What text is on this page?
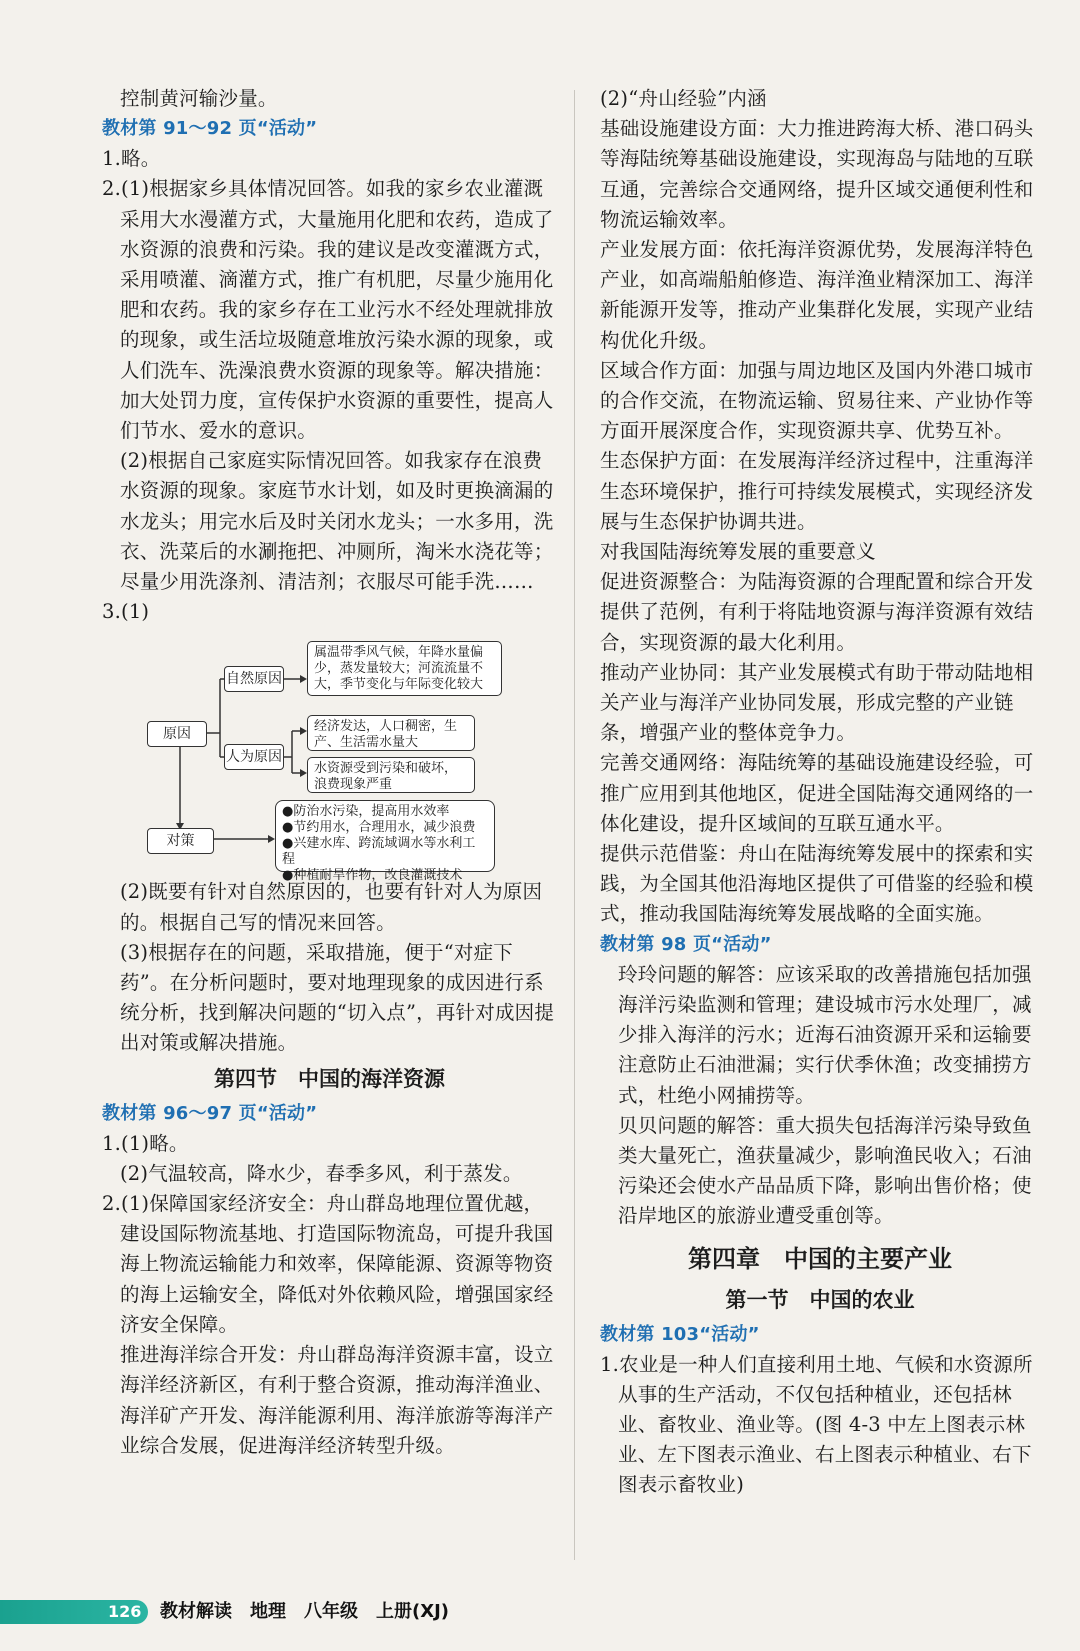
控制黄河输沙量。

教材第 91～92 页“活动”

1.略。

2.(1)根据家乡具体情况回答。如我的家乡农业灌溉采用大水漫灌方式，大量施用化肥和农药，造成了水资源的浪费和污染。我的建议是改变灌溉方式，采用喷灌、滴灌方式，推广有机肥，尽量少施用化肥和农药。我的家乡存在工业污水不经处理就排放的现象，或生活垃圾随意堆放污染水源的现象，或人们洗车、洗澡浪费水资源的现象等。解决措施：加大处罚力度，宣传保护水资源的重要性，提高人们节水、爱水的意识。

(2)根据自己家庭实际情况回答。如我家存在浪费水资源的现象。家庭节水计划，如及时更换滴漏的水龙头；用完水后及时关闭水龙头；一水多用，洗衣、洗菜后的水涮拖把、冲厕所，淘米水浇花等；尽量少用洗涤剂、清洁剂；衣服尽可能手洗……

3.(1)

原因
自然原因
人为原因
对策
属温带季风气候，年降水量偏少，蒸发量较大；河流流量不大，季节变化与年际变化较大
经济发达，人口稠密，生产、生活需水量大
水资源受到污染和破坏，浪费现象严重
●防治水污染，提高用水效率
●节约用水，合理用水，减少浪费
●兴建水库、跨流域调水等水利工程
●种植耐旱作物，改良灌溉技术

(2)既要有针对自然原因的，也要有针对人为原因的。根据自己写的情况来回答。

(3)根据存在的问题，采取措施，便于“对症下药”。在分析问题时，要对地理现象的成因进行系统分析，找到解决问题的“切入点”，再针对成因提出对策或解决措施。

第四节　中国的海洋资源

教材第 96～97 页“活动”

1.(1)略。

(2)气温较高，降水少，春季多风，利于蒸发。

2.(1)保障国家经济安全：舟山群岛地理位置优越，建设国际物流基地、打造国际物流岛，可提升我国海上物流运输能力和效率，保障能源、资源等物资的海上运输安全，降低对外依赖风险，增强国家经济安全保障。

推进海洋综合开发：舟山群岛海洋资源丰富，设立海洋经济新区，有利于整合资源，推动海洋渔业、海洋矿产开发、海洋能源利用、海洋旅游等海洋产业综合发展，促进海洋经济转型升级。

(2)“舟山经验”内涵

基础设施建设方面：大力推进跨海大桥、港口码头等海陆统筹基础设施建设，实现海岛与陆地的互联互通，完善综合交通网络，提升区域交通便利性和物流运输效率。

产业发展方面：依托海洋资源优势，发展海洋特色产业，如高端船舶修造、海洋渔业精深加工、海洋新能源开发等，推动产业集群化发展，实现产业结构优化升级。

区域合作方面：加强与周边地区及国内外港口城市的合作交流，在物流运输、贸易往来、产业协作等方面开展深度合作，实现资源共享、优势互补。

生态保护方面：在发展海洋经济过程中，注重海洋生态环境保护，推行可持续发展模式，实现经济发展与生态保护协调共进。

对我国陆海统筹发展的重要意义

促进资源整合：为陆海资源的合理配置和综合开发提供了范例，有利于将陆地资源与海洋资源有效结合，实现资源的最大化利用。

推动产业协同：其产业发展模式有助于带动陆地相关产业与海洋产业协同发展，形成完整的产业链条，增强产业的整体竞争力。

完善交通网络：海陆统筹的基础设施建设经验，可推广应用到其他地区，促进全国陆海交通网络的一体化建设，提升区域间的互联互通水平。

提供示范借鉴：舟山在陆海统筹发展中的探索和实践，为全国其他沿海地区提供了可借鉴的经验和模式，推动我国陆海统筹发展战略的全面实施。

教材第 98 页“活动”

玲玲问题的解答：应该采取的改善措施包括加强海洋污染监测和管理；建设城市污水处理厂，减少排入海洋的污水；近海石油资源开采和运输要注意防止石油泄漏；实行伏季休渔；改变捕捞方式，杜绝小网捕捞等。

贝贝问题的解答：重大损失包括海洋污染导致鱼类大量死亡，渔获量减少，影响渔民收入；石油污染还会使水产品品质下降，影响出售价格；使沿岸地区的旅游业遭受重创等。

第四章　中国的主要产业
第一节　中国的农业

教材第 103“活动”

1.农业是一种人们直接利用土地、气候和水资源所从事的生产活动，不仅包括种植业，还包括林业、畜牧业、渔业等。(图 4-3 中左上图表示林业、左下图表示渔业、右上图表示种植业、右下图表示畜牧业)

126 教材解读　地理　八年级　上册(XJ)
